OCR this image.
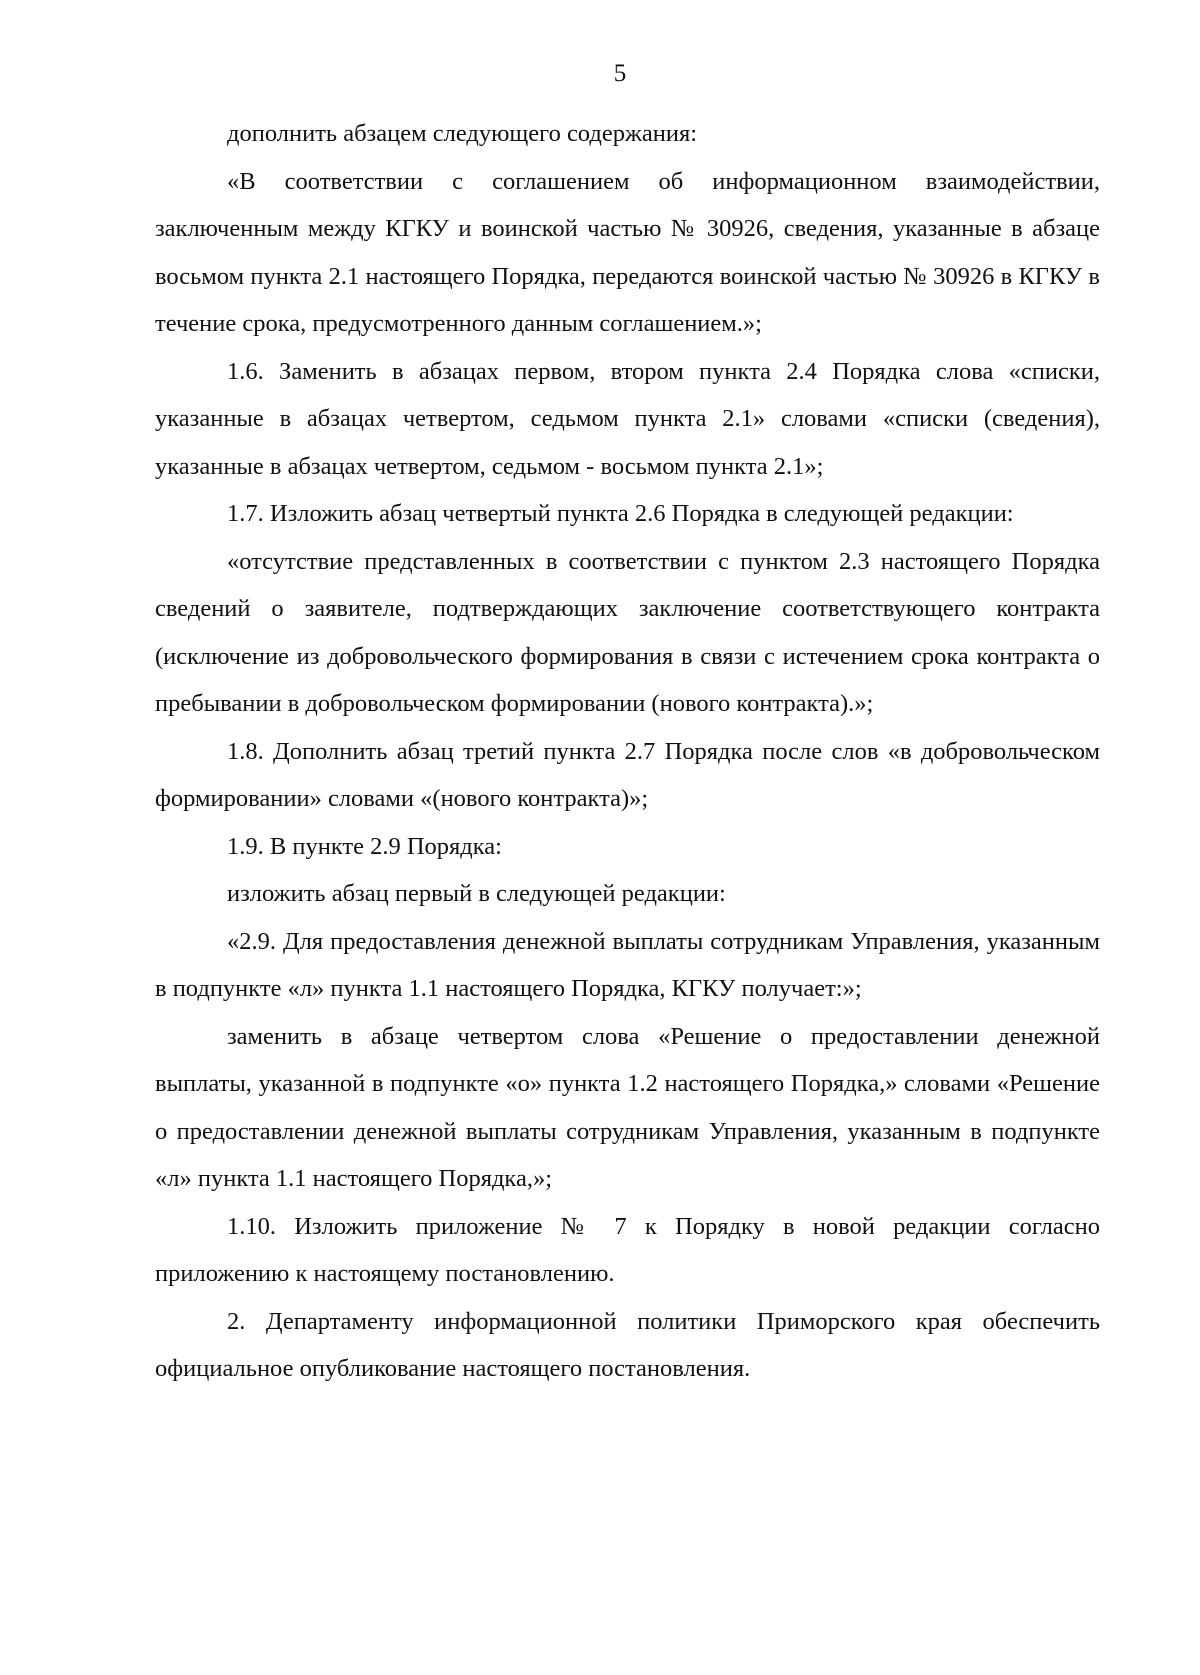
5

дополнить абзацем следующего содержания:

«В соответствии с соглашением об информационном взаимодействии, заключенным между КГКУ и воинской частью № 30926, сведения, указанные в абзаце восьмом пункта 2.1 настоящего Порядка, передаются воинской частью № 30926 в КГКУ в течение срока, предусмотренного данным соглашением.»;

1.6. Заменить в абзацах первом, втором пункта 2.4 Порядка слова «списки, указанные в абзацах четвертом, седьмом пункта 2.1» словами «списки (сведения), указанные в абзацах четвертом, седьмом - восьмом пункта 2.1»;

1.7. Изложить абзац четвертый пункта 2.6 Порядка в следующей редакции:

«отсутствие представленных в соответствии с пунктом 2.3 настоящего Порядка сведений о заявителе, подтверждающих заключение соответствующего контракта (исключение из добровольческого формирования в связи с истечением срока контракта о пребывании в добровольческом формировании (нового контракта).»;

1.8. Дополнить абзац третий пункта 2.7 Порядка после слов «в добровольческом формировании» словами «(нового контракта)»;

1.9. В пункте 2.9 Порядка:

изложить абзац первый в следующей редакции:

«2.9. Для предоставления денежной выплаты сотрудникам Управления, указанным в подпункте «л» пункта 1.1 настоящего Порядка, КГКУ получает:»;

заменить в абзаце четвертом слова «Решение о предоставлении денежной выплаты, указанной в подпункте «о» пункта 1.2 настоящего Порядка,» словами «Решение о предоставлении денежной выплаты сотрудникам Управления, указанным в подпункте «л» пункта 1.1 настоящего Порядка,»;

1.10. Изложить приложение № 7 к Порядку в новой редакции согласно приложению к настоящему постановлению.

2. Департаменту информационной политики Приморского края обеспечить официальное опубликование настоящего постановления.
